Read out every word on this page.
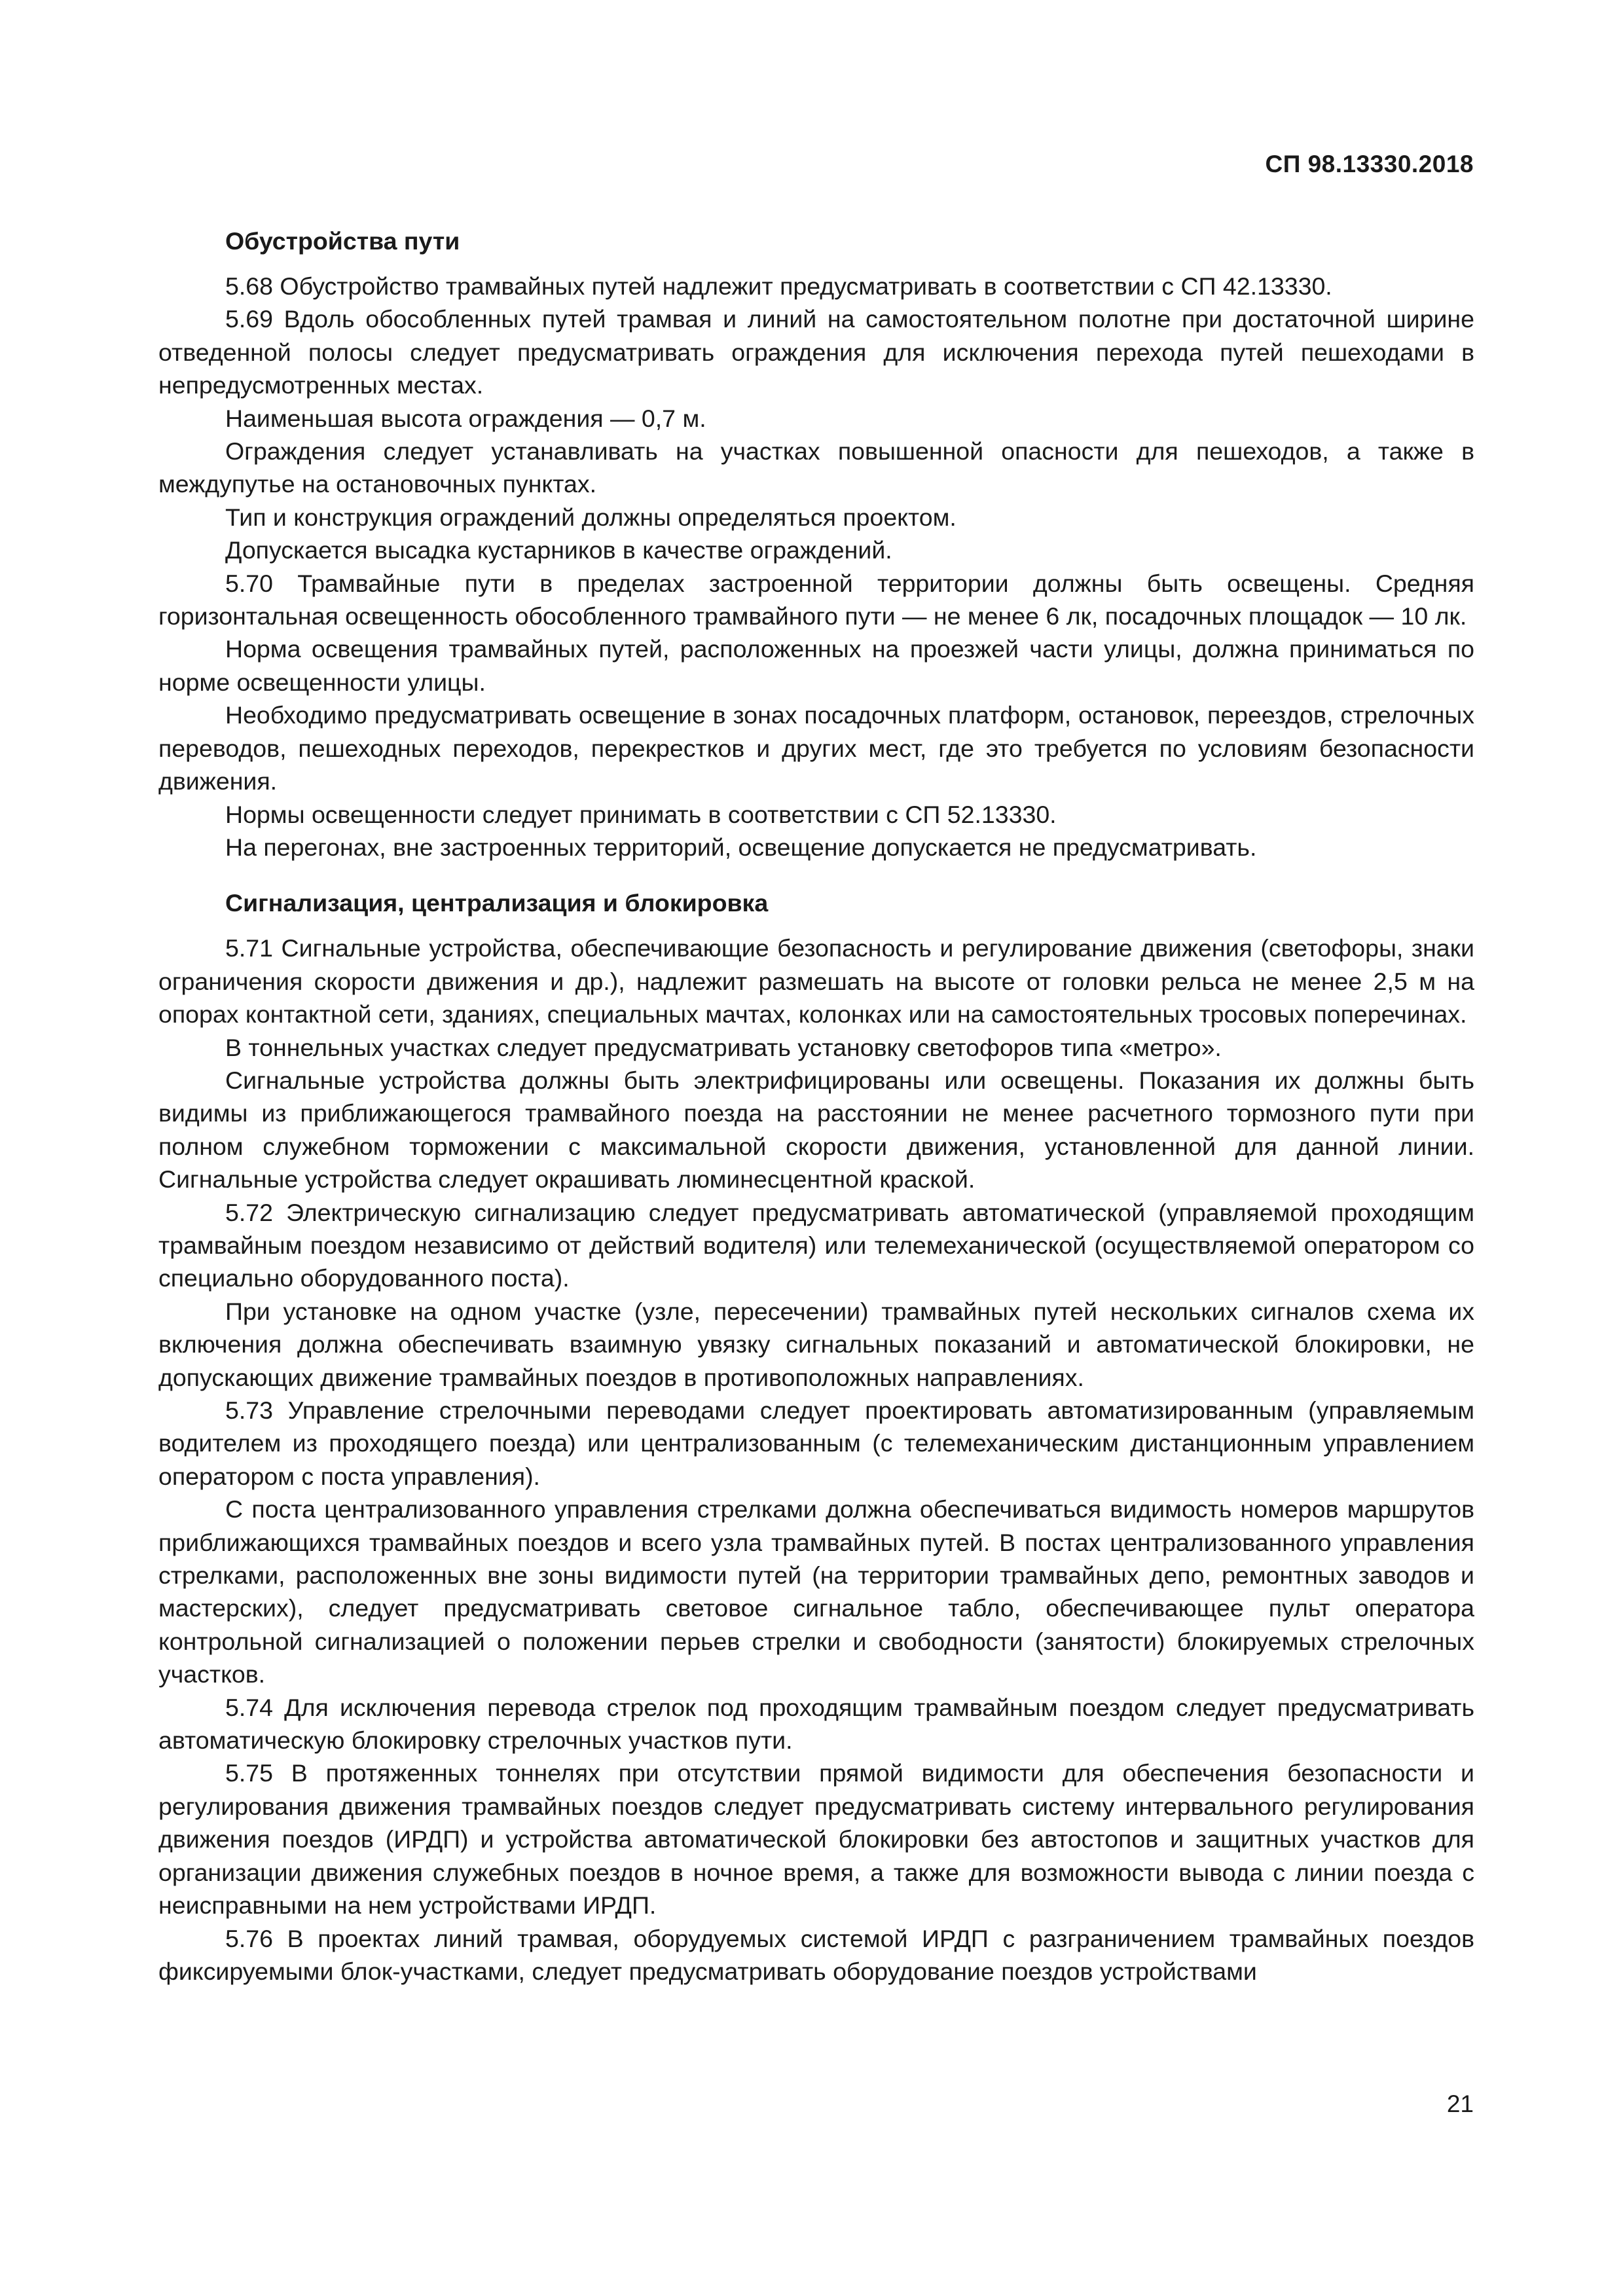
СП 98.13330.2018
Обустройства пути

5.68 Обустройство трамвайных путей надлежит предусматривать в соответствии с СП 42.13330.

5.69 Вдоль обособленных путей трамвая и линий на самостоятельном полотне при достаточной ширине отведенной полосы следует предусматривать ограждения для исключения перехода путей пешеходами в непредусмотренных местах.

Наименьшая высота ограждения — 0,7 м.

Ограждения следует устанавливать на участках повышенной опасности для пешеходов, а также в междупутье на остановочных пунктах.

Тип и конструкция ограждений должны определяться проектом.

Допускается высадка кустарников в качестве ограждений.

5.70 Трамвайные пути в пределах застроенной территории должны быть освещены. Средняя горизонтальная освещенность обособленного трамвайного пути — не менее 6 лк, посадочных площадок — 10 лк.

Норма освещения трамвайных путей, расположенных на проезжей части улицы, должна приниматься по норме освещенности улицы.

Необходимо предусматривать освещение в зонах посадочных платформ, остановок, переездов, стрелочных переводов, пешеходных переходов, перекрестков и других мест, где это требуется по условиям безопасности движения.

Нормы освещенности следует принимать в соответствии с СП 52.13330.

На перегонах, вне застроенных территорий, освещение допускается не предусматривать.

Сигнализация, централизация и блокировка

5.71 Сигнальные устройства, обеспечивающие безопасность и регулирование движения (светофоры, знаки ограничения скорости движения и др.), надлежит размешать на высоте от головки рельса не менее 2,5 м на опорах контактной сети, зданиях, специальных мачтах, колонках или на самостоятельных тросовых поперечинах.

В тоннельных участках следует предусматривать установку светофоров типа «метро».

Сигнальные устройства должны быть электрифицированы или освещены. Показания их должны быть видимы из приближающегося трамвайного поезда на расстоянии не менее расчетного тормозного пути при полном служебном торможении с максимальной скорости движения, установленной для данной линии. Сигнальные устройства следует окрашивать люминесцентной краской.

5.72 Электрическую сигнализацию следует предусматривать автоматической (управляемой проходящим трамвайным поездом независимо от действий водителя) или телемеханической (осуществляемой оператором со специально оборудованного поста).

При установке на одном участке (узле, пересечении) трамвайных путей нескольких сигналов схема их включения должна обеспечивать взаимную увязку сигнальных показаний и автоматической блокировки, не допускающих движение трамвайных поездов в противоположных направлениях.

5.73 Управление стрелочными переводами следует проектировать автоматизированным (управляемым водителем из проходящего поезда) или централизованным (с телемеханическим дистанционным управлением оператором с поста управления).

С поста централизованного управления стрелками должна обеспечиваться видимость номеров маршрутов приближающихся трамвайных поездов и всего узла трамвайных путей. В постах централизованного управления стрелками, расположенных вне зоны видимости путей (на территории трамвайных депо, ремонтных заводов и мастерских), следует предусматривать световое сигнальное табло, обеспечивающее пульт оператора контрольной сигнализацией о положении перьев стрелки и свободности (занятости) блокируемых стрелочных участков.

5.74 Для исключения перевода стрелок под проходящим трамвайным поездом следует предусматривать автоматическую блокировку стрелочных участков пути.

5.75 В протяженных тоннелях при отсутствии прямой видимости для обеспечения безопасности и регулирования движения трамвайных поездов следует предусматривать систему интервального регулирования движения поездов (ИРДП) и устройства автоматической блокировки без автостопов и защитных участков для организации движения служебных поездов в ночное время, а также для возможности вывода с линии поезда с неисправными на нем устройствами ИРДП.

5.76 В проектах линий трамвая, оборудуемых системой ИРДП с разграничением трамвайных поездов фиксируемыми блок-участками, следует предусматривать оборудование поездов устройствами

21
